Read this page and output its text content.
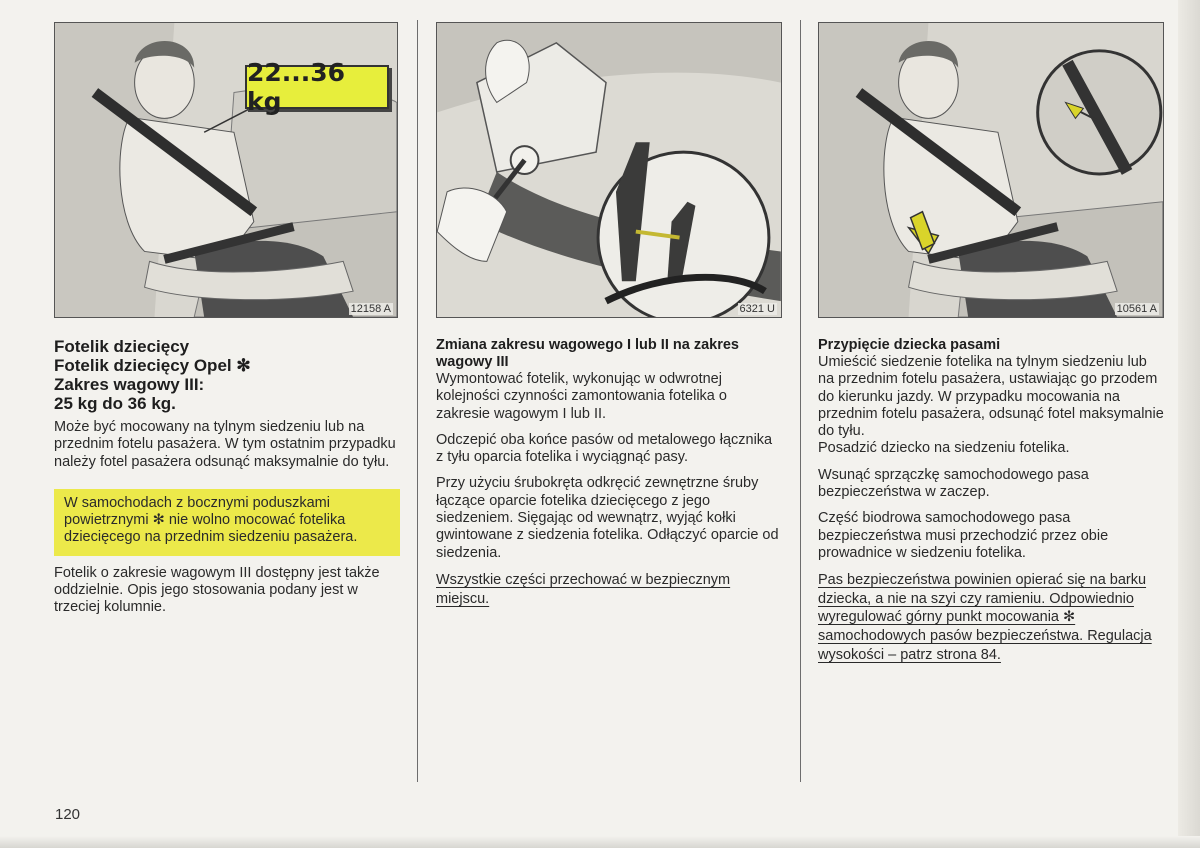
22...36 kg
12158 A
Fotelik dziecięcy
Fotelik dziecięcy Opel ✻
Zakres wagowy III:
25 kg do 36 kg.

Może być mocowany na tylnym siedzeniu lub na przednim fotelu pasażera. W tym ostatnim przypadku należy fotel pasażera odsunąć maksymalnie do tyłu.

W samochodach z bocznymi poduszkami powietrznymi ✻ nie wolno mocować fotelika dziecięcego na przednim siedzeniu pasażera.

Fotelik o zakresie wagowym III dostępny jest także oddzielnie. Opis jego stosowania podany jest w trzeciej kolumnie.

6321 U
Zmiana zakresu wagowego I lub II na zakres wagowy III

Wymontować fotelik, wykonując w odwrotnej kolejności czynności zamontowania fotelika o zakresie wagowym I lub II.

Odczepić oba końce pasów od metalowego łącznika z tyłu oparcia fotelika i wyciągnąć pasy.

Przy użyciu śrubokręta odkręcić zewnętrzne śruby łączące oparcie fotelika dziecięcego z jego siedzeniem. Sięgając od wewnątrz, wyjąć kołki gwintowane z siedzenia fotelika. Odłączyć oparcie od siedzenia.

Wszystkie części przechować w bezpiecznym miejscu.

10561 A
Przypięcie dziecka pasami

Umieścić siedzenie fotelika na tylnym siedzeniu lub na przednim fotelu pasażera, ustawiając go przodem do kierunku jazdy. W przypadku mocowania na przednim fotelu pasażera, odsunąć fotel maksymalnie do tyłu.

Posadzić dziecko na siedzeniu fotelika.

Wsunąć sprzączkę samochodowego pasa bezpieczeństwa w zaczep.

Część biodrowa samochodowego pasa bezpieczeństwa musi przechodzić przez obie prowadnice w siedzeniu fotelika.

Pas bezpieczeństwa powinien opierać się na barku dziecka, a nie na szyi czy ramieniu. Odpowiednio wyregulować górny punkt mocowania ✻ samochodowych pasów bezpieczeństwa. Regulacja wysokości – patrz strona 84.

120
